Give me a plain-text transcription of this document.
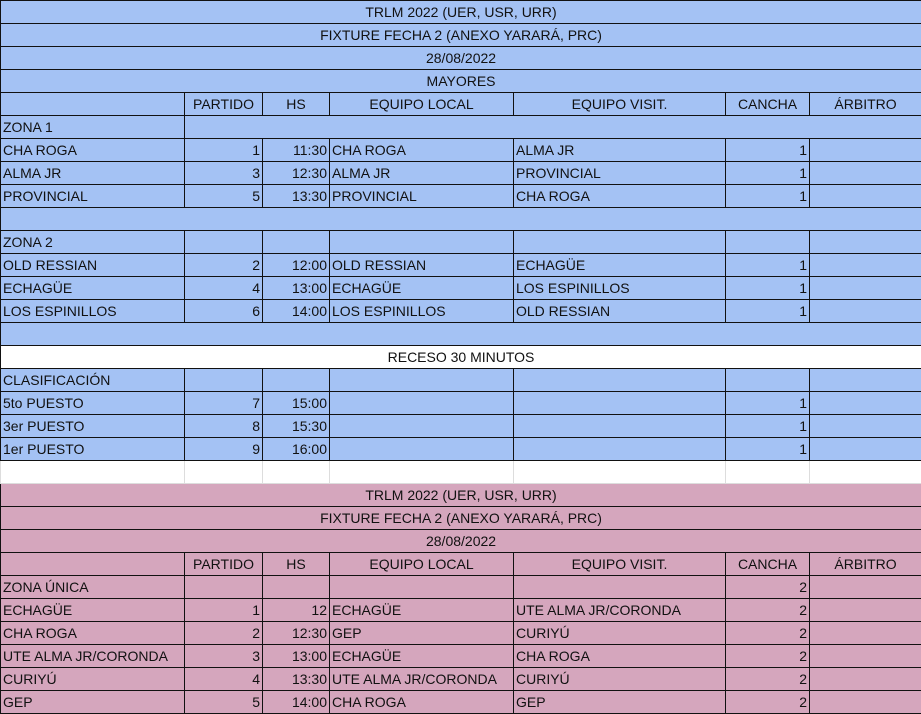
TRLM 2022 (UER, USR, URR)						
FIXTURE FECHA 2 (ANEXO YARARÁ, PRC)						
28/08/2022						
MAYORES						
	PARTIDO	HS	EQUIPO LOCAL	EQUIPO VISIT.	CANCHA	ÁRBITRO
ZONA 1						
CHA ROGA	1	11:30	CHA ROGA	ALMA JR	1	
ALMA JR	3	12:30	ALMA JR	PROVINCIAL	1	
PROVINCIAL	5	13:30	PROVINCIAL	CHA ROGA	1	

ZONA 2						
OLD RESSIAN	2	12:00	OLD RESSIAN	ECHAGÜE	1	
ECHAGÜE	4	13:00	ECHAGÜE	LOS ESPINILLOS	1	
LOS ESPINILLOS	6	14:00	LOS ESPINILLOS	OLD RESSIAN	1	

RECESO 30 MINUTOS						
CLASIFICACIÓN						
5to PUESTO	7	15:00			1	
3er PUESTO	8	15:30			1	
1er PUESTO	9	16:00			1	

TRLM 2022 (UER, USR, URR)						
FIXTURE FECHA 2 (ANEXO YARARÁ, PRC)						
28/08/2022						
	PARTIDO	HS	EQUIPO LOCAL	EQUIPO VISIT.	CANCHA	ÁRBITRO
ZONA ÚNICA					2	
ECHAGÜE	1	12	ECHAGÜE	UTE ALMA JR/CORONDA	2	
CHA ROGA	2	12:30	GEP	CURIYÚ	2	
UTE ALMA JR/CORONDA	3	13:00	ECHAGÜE	CHA ROGA	2	
CURIYÚ	4	13:30	UTE ALMA JR/CORONDA	CURIYÚ	2	
GEP	5	14:00	CHA ROGA	GEP	2	
